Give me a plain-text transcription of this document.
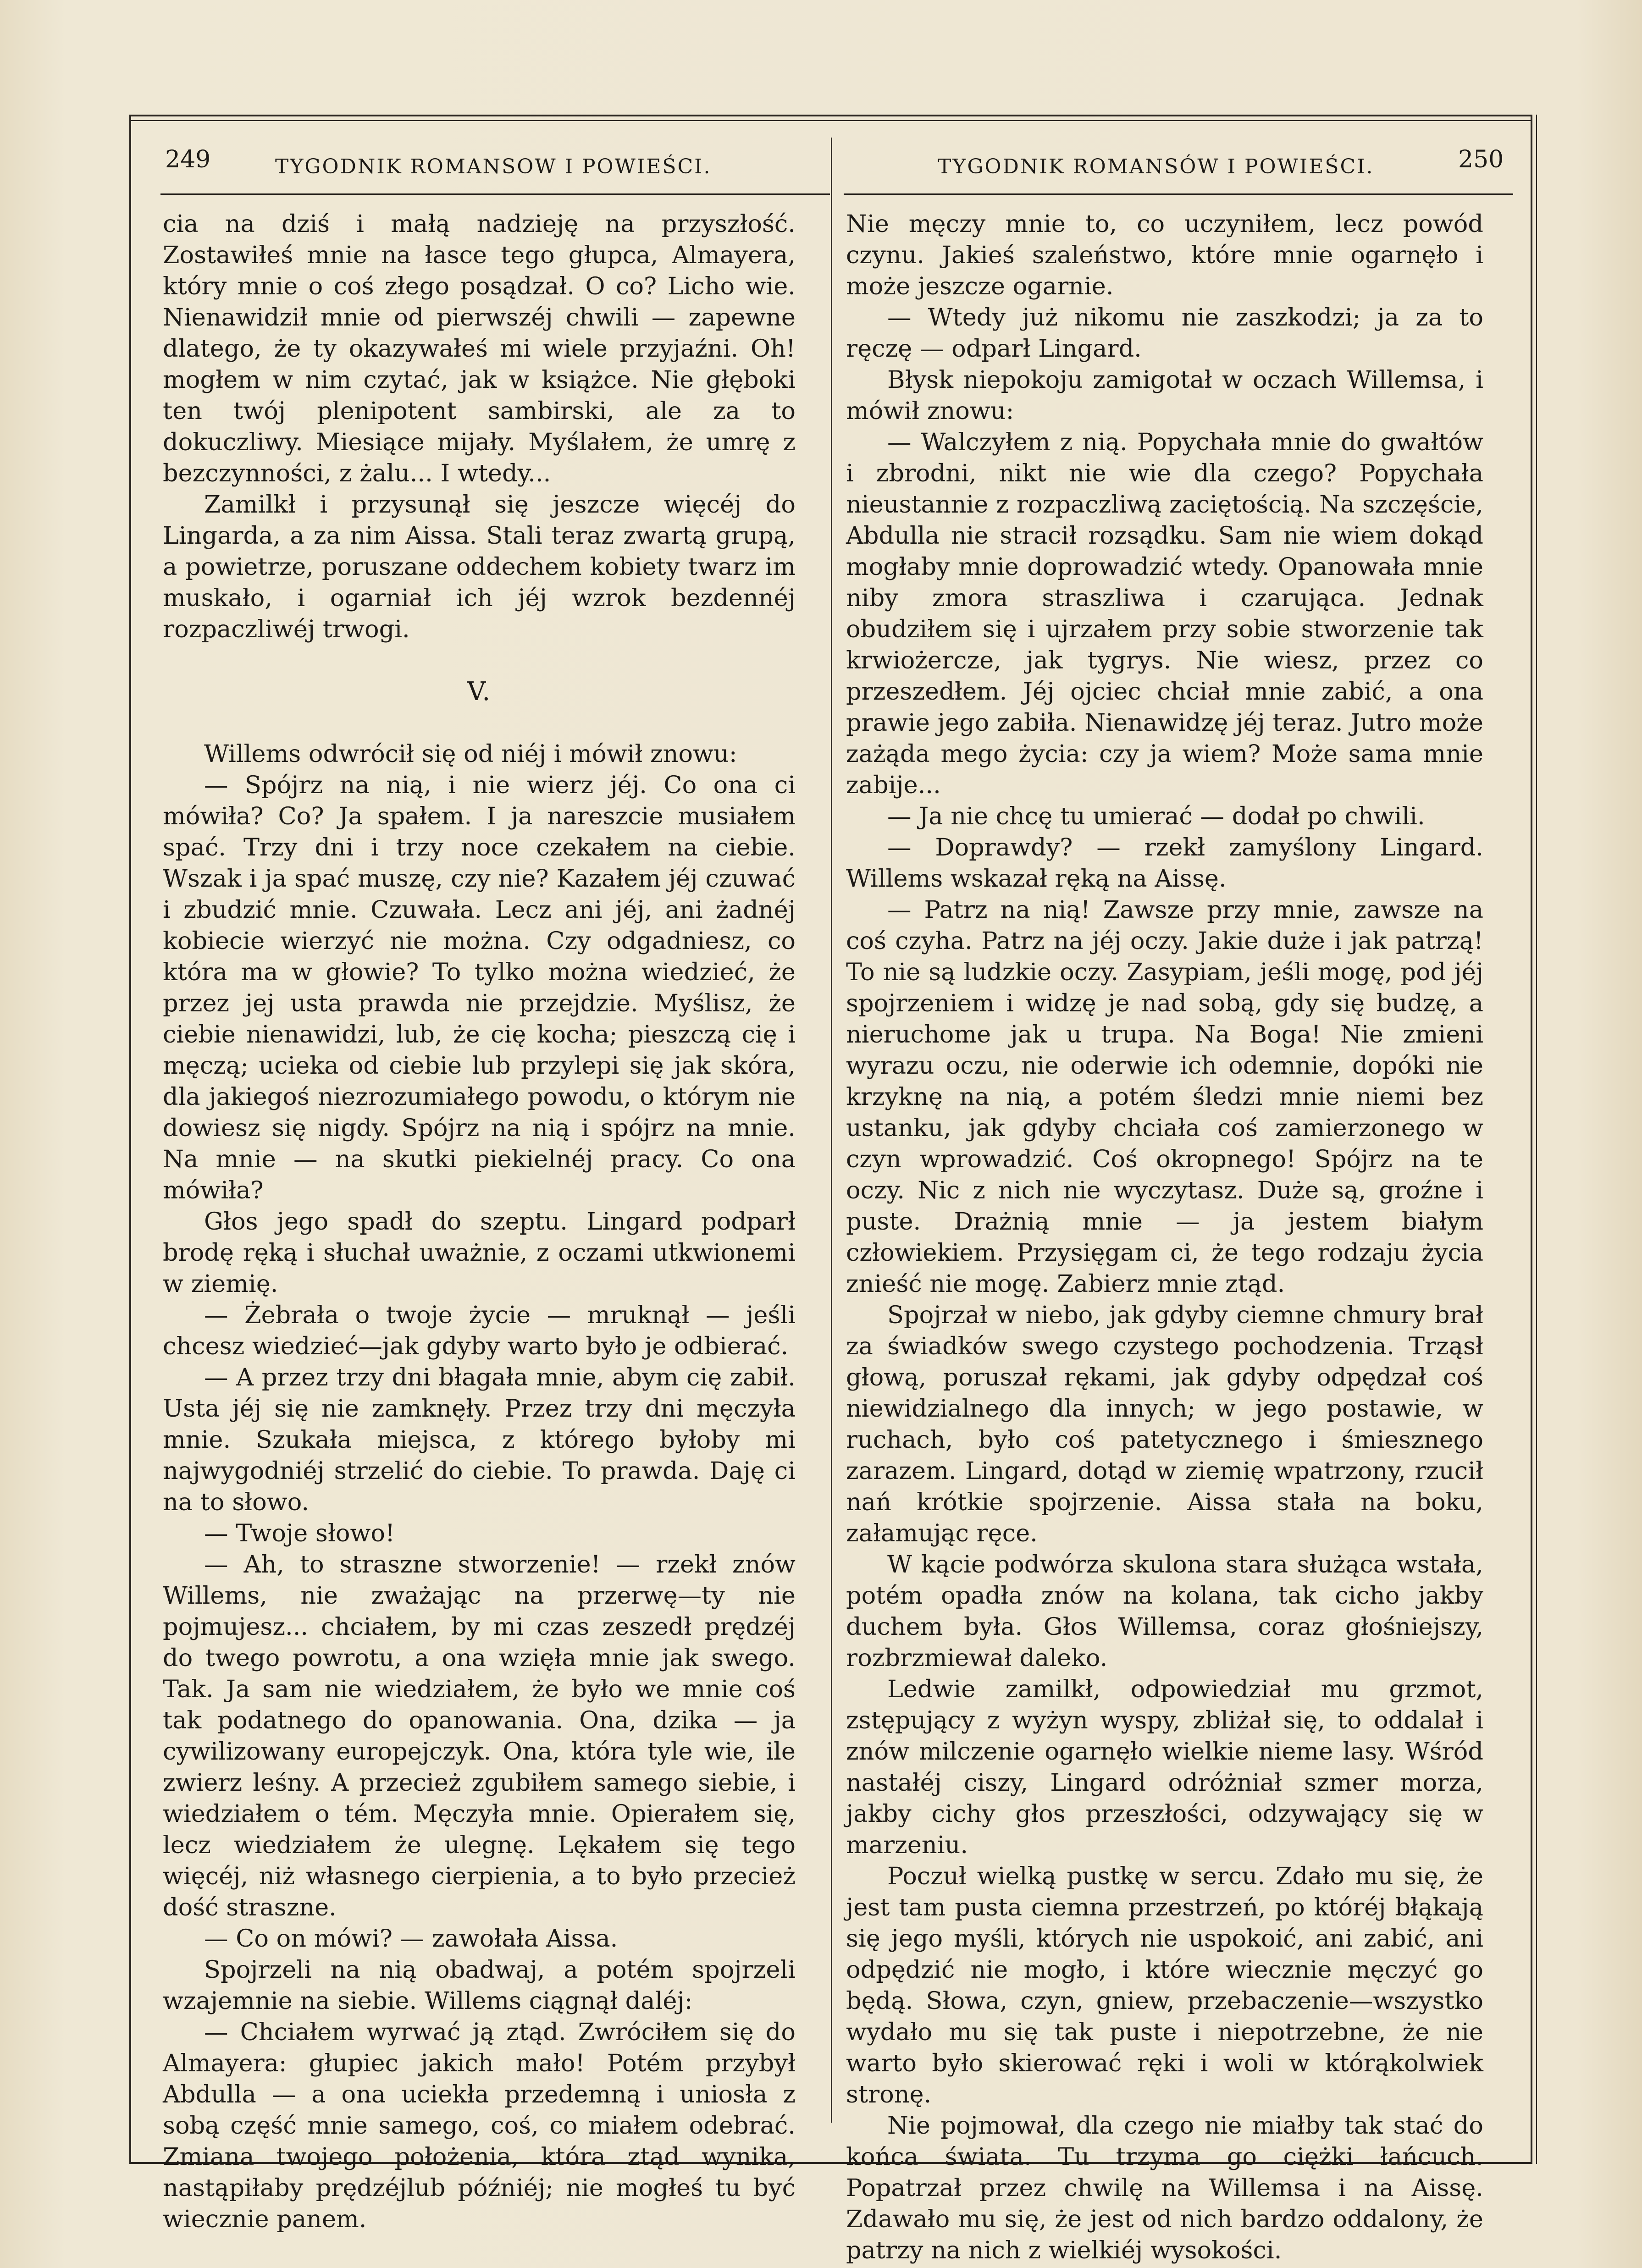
249	TYGODNIK ROMANSOW I POWIEŚCI.	TYGODNIK ROMANSÓW I POWIEŚCI.	250

cia na dziś i małą nadzieję na przyszłość. Zostawiłeś mnie na łasce tego głupca, Almayera, który mnie o coś złego posądzał. O co? Licho wie. Nienawidził mnie od pierwszéj chwili — zapewne dlatego, że ty okazywałeś mi wiele przyjaźni. Oh! mogłem w nim czytać, jak w książce. Nie głęboki ten twój plenipotent sambirski, ale za to dokuczliwy. Miesiące mijały. Myślałem, że umrę z bezczynności, z żalu... I wtedy...

Zamilkł i przysunął się jeszcze więcéj do Lingarda, a za nim Aissa. Stali teraz zwartą grupą, a powietrze, poruszane oddechem kobiety twarz im muskało, i ogarniał ich jéj wzrok bezdennéj rozpaczliwéj trwogi.

V.

Willems odwrócił się od niéj i mówił znowu:

— Spójrz na nią, i nie wierz jéj. Co ona ci mówiła? Co? Ja spałem. I ja nareszcie musiałem spać. Trzy dni i trzy noce czekałem na ciebie. Wszak i ja spać muszę, czy nie? Kazałem jéj czuwać i zbudzić mnie. Czuwała. Lecz ani jéj, ani żadnéj kobiecie wierzyć nie można. Czy odgadniesz, co która ma w głowie? To tylko można wiedzieć, że przez jej usta prawda nie przejdzie. Myślisz, że ciebie nienawidzi, lub, że cię kocha; pieszczą cię i męczą; ucieka od ciebie lub przylepi się jak skóra, dla jakiegoś niezrozumiałego powodu, o którym nie dowiesz się nigdy. Spójrz na nią i spójrz na mnie. Na mnie — na skutki piekielnéj pracy. Co ona mówiła?

Głos jego spadł do szeptu. Lingard podparł brodę ręką i słuchał uważnie, z oczami utkwionemi w ziemię.

— Żebrała o twoje życie — mruknął — jeśli chcesz wiedzieć—jak gdyby warto było je odbierać.

— A przez trzy dni błagała mnie, abym cię zabił. Usta jéj się nie zamknęły. Przez trzy dni męczyła mnie. Szukała miejsca, z którego byłoby mi najwygodniéj strzelić do ciebie. To prawda. Daję ci na to słowo.

— Twoje słowo!

— Ah, to straszne stworzenie! — rzekł znów Willems, nie zważając na przerwę—ty nie pojmujesz... chciałem, by mi czas zeszedł prędzéj do twego powrotu, a ona wzięła mnie jak swego. Tak. Ja sam nie wiedziałem, że było we mnie coś tak podatnego do opanowania. Ona, dzika — ja cywilizowany europejczyk. Ona, która tyle wie, ile zwierz leśny. A przecież zgubiłem samego siebie, i wiedziałem o tém. Męczyła mnie. Opierałem się, lecz wiedziałem że ulegnę. Lękałem się tego więcéj, niż własnego cierpienia, a to było przecież dość straszne.

— Co on mówi? — zawołała Aissa.

Spojrzeli na nią obadwaj, a potém spojrzeli wzajemnie na siebie. Willems ciągnął daléj:

— Chciałem wyrwać ją ztąd. Zwróciłem się do Almayera: głupiec jakich mało! Potém przybył Abdulla — a ona uciekła przedemną i uniosła z sobą część mnie samego, coś, co miałem odebrać. Zmiana twojego położenia, która ztąd wynika, nastąpiłaby prędzéjlub późniéj; nie mogłeś tu być wiecznie panem.

Nie męczy mnie to, co uczyniłem, lecz powód czynu. Jakieś szaleństwo, które mnie ogarnęło i może jeszcze ogarnie.

— Wtedy już nikomu nie zaszkodzi; ja za to ręczę — odparł Lingard.

Błysk niepokoju zamigotał w oczach Willemsa, i mówił znowu:

— Walczyłem z nią. Popychała mnie do gwałtów i zbrodni, nikt nie wie dla czego? Popychała nieustannie z rozpaczliwą zaciętością. Na szczęście, Abdulla nie stracił rozsądku. Sam nie wiem dokąd mogłaby mnie doprowadzić wtedy. Opanowała mnie niby zmora straszliwa i czarująca. Jednak obudziłem się i ujrzałem przy sobie stworzenie tak krwiożercze, jak tygrys. Nie wiesz, przez co przeszedłem. Jéj ojciec chciał mnie zabić, a ona prawie jego zabiła. Nienawidzę jéj teraz. Jutro może zażąda mego życia: czy ja wiem? Może sama mnie zabije...

— Ja nie chcę tu umierać — dodał po chwili.

— Doprawdy? — rzekł zamyślony Lingard. Willems wskazał ręką na Aissę.

— Patrz na nią! Zawsze przy mnie, zawsze na coś czyha. Patrz na jéj oczy. Jakie duże i jak patrzą! To nie są ludzkie oczy. Zasypiam, jeśli mogę, pod jéj spojrzeniem i widzę je nad sobą, gdy się budzę, a nieruchome jak u trupa. Na Boga! Nie zmieni wyrazu oczu, nie oderwie ich odemnie, dopóki nie krzyknę na nią, a potém śledzi mnie niemi bez ustanku, jak gdyby chciała coś zamierzonego w czyn wprowadzić. Coś okropnego! Spójrz na te oczy. Nic z nich nie wyczytasz. Duże są, groźne i puste. Drażnią mnie — ja jestem białym człowiekiem. Przysięgam ci, że tego rodzaju życia znieść nie mogę. Zabierz mnie ztąd.

Spojrzał w niebo, jak gdyby ciemne chmury brał za świadków swego czystego pochodzenia. Trząsł głową, poruszał rękami, jak gdyby odpędzał coś niewidzialnego dla innych; w jego postawie, w ruchach, było coś patetycznego i śmiesznego zarazem. Lingard, dotąd w ziemię wpatrzony, rzucił nań krótkie spojrzenie. Aissa stała na boku, załamując ręce.

W kącie podwórza skulona stara służąca wstała, potém opadła znów na kolana, tak cicho jakby duchem była. Głos Willemsa, coraz głośniejszy, rozbrzmiewał daleko.

Ledwie zamilkł, odpowiedział mu grzmot, zstępujący z wyżyn wyspy, zbliżał się, to oddalał i znów milczenie ogarnęło wielkie nieme lasy. Wśród nastałéj ciszy, Lingard odróżniał szmer morza, jakby cichy głos przeszłości, odzywający się w marzeniu.

Poczuł wielką pustkę w sercu. Zdało mu się, że jest tam pusta ciemna przestrzeń, po któréj błąkają się jego myśli, których nie uspokoić, ani zabić, ani odpędzić nie mogło, i które wiecznie męczyć go będą. Słowa, czyn, gniew, przebaczenie—wszystko wydało mu się tak puste i niepotrzebne, że nie warto było skierować ręki i woli w którąkolwiek stronę.

Nie pojmował, dla czego nie miałby tak stać do końca świata. Tu trzyma go ciężki łańcuch. Popatrzał przez chwilę na Willemsa i na Aissę. Zdawało mu się, że jest od nich bardzo oddalony, że patrzy na nich z wielkiéj wysokości.
